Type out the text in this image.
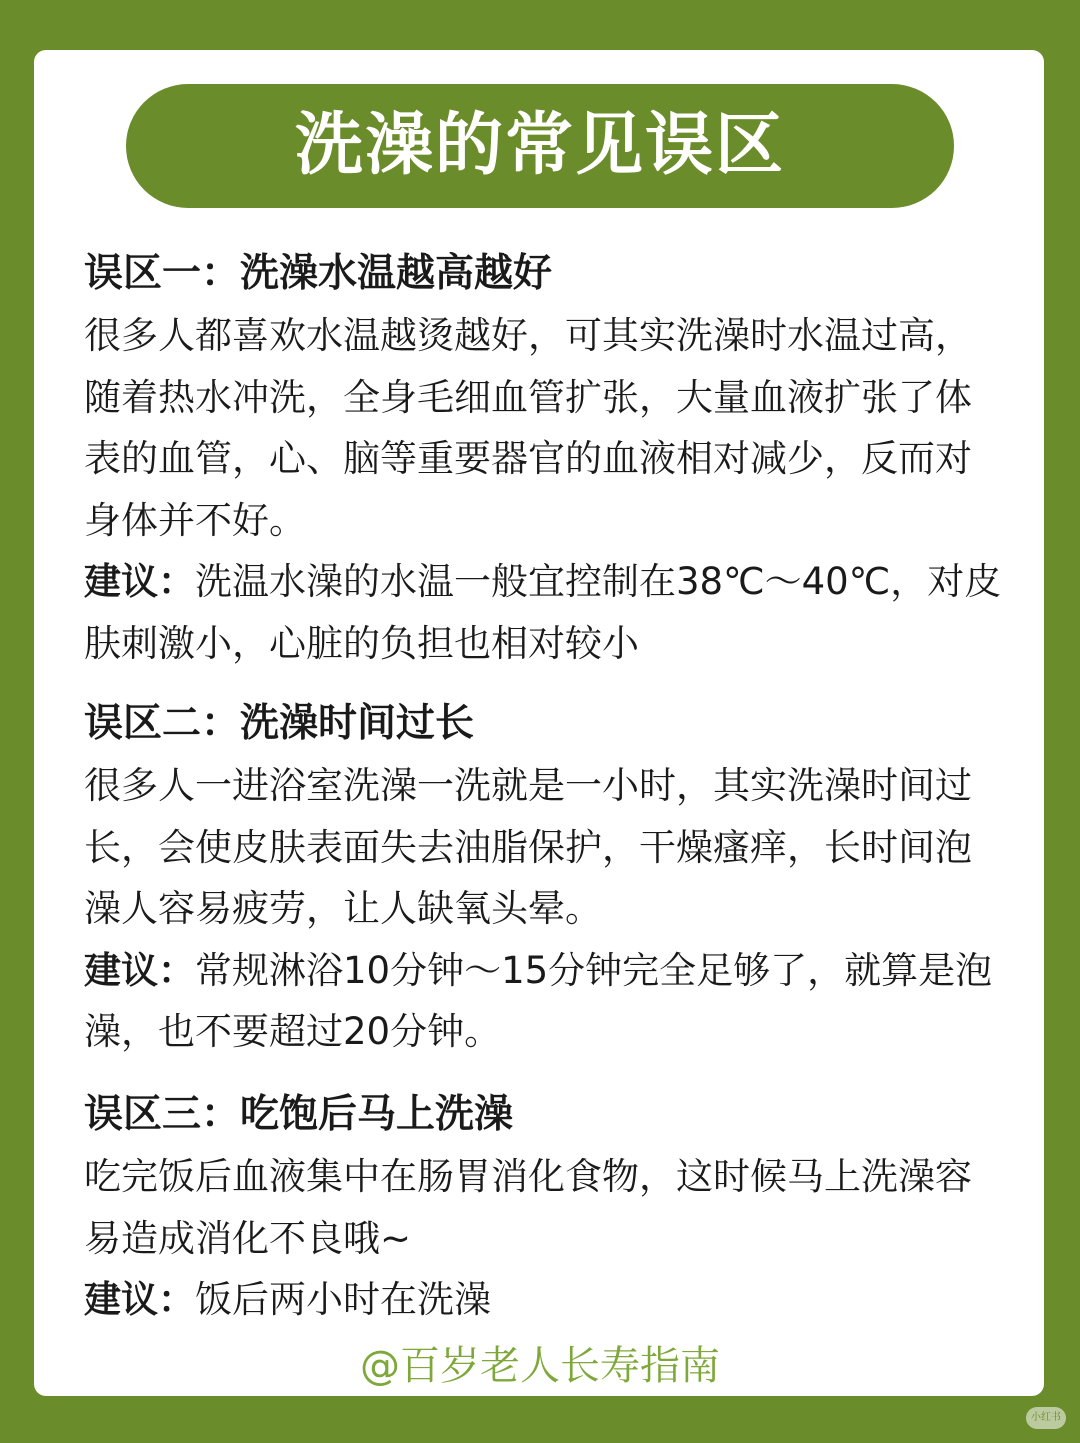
洗澡的常见误区
误区一：洗澡水温越高越好
很多人都喜欢水温越烫越好，可其实洗澡时水温过高，随着热水冲洗，全身毛细血管扩张，大量血液扩张了体表的血管，心、脑等重要器官的血液相对减少，反而对身体并不好。
建议：洗温水澡的水温一般宜控制在38℃～40℃，对皮肤刺激小，心脏的负担也相对较小
误区二：洗澡时间过长
很多人一进浴室洗澡一洗就是一小时，其实洗澡时间过长，会使皮肤表面失去油脂保护，干燥瘙痒，长时间泡澡人容易疲劳，让人缺氧头晕。
建议：常规淋浴10分钟～15分钟完全足够了，就算是泡澡，也不要超过20分钟。
误区三：吃饱后马上洗澡
吃完饭后血液集中在肠胃消化食物，这时候马上洗澡容易造成消化不良哦~
建议：饭后两小时在洗澡
@百岁老人长寿指南
小红书
